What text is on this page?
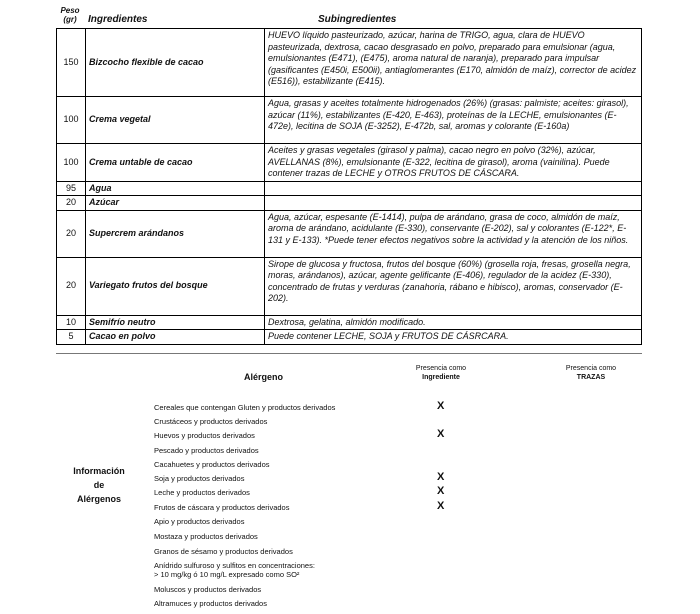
Peso
(gr)	Ingredientes	Subingredientes
150	Bizcocho flexible de cacao	HUEVO líquido pasteurizado, azúcar, harina de TRIGO, agua, clara de HUEVO pasteurizada, dextrosa, cacao desgrasado en polvo, preparado para emulsionar (agua, emulsionantes (E471), (E475), aroma natural de naranja), preparado para impulsar (gasificantes (E450i, E500ii), antiaglomerantes (E170, almidón de maíz), corrector de acidez (E516)), estabilizante (E415).
100	Crema vegetal	Agua, grasas y aceites totalmente hidrogenados (26%) (grasas: palmiste; aceites: girasol), azúcar (11%), estabilizantes (E-420, E-463), proteínas de la LECHE, emulsionantes (E-472e), lecitina de SOJA (E-3252), E-472b, sal, aromas y colorante (E-160a)
100	Crema untable de cacao	Aceites y grasas vegetales (girasol y palma), cacao negro en polvo (32%), azúcar, AVELLANAS (8%), emulsionante (E-322, lecitina de girasol), aroma (vainilina). Puede contener trazas de LECHE y OTROS FRUTOS DE CÁSCARA.
95	Agua	
20	Azúcar	
20	Supercrem arándanos	Agua, azúcar, espesante (E-1414), pulpa de arándano, grasa de coco, almidón de maíz, aroma de arándano, acidulante (E-330), conservante (E-202), sal y colorantes (E-122*, E-131 y E-133). *Puede tener efectos negativos sobre la actividad y la atención de los niños.
20	Variegato frutos del bosque	Sirope de glucosa y fructosa, frutos del bosque (60%) (grosella roja, fresas, grosella negra, moras, arándanos), azúcar, agente gelificante (E-406), regulador de la acidez (E-330), concentrado de frutas y verduras (zanahoria, rábano e hibisco), aromas, conservador (E-202).
10	Semifrío neutro	Dextrosa, gelatina, almidón modificado.
5	Cacao en polvo	Puede contener LECHE, SOJA y FRUTOS DE CÁSRCARA.
Alérgeno
Presencia como
Ingrediente
Presencia como
TRAZAS
Información
de
Alérgenos
Cereales que contengan Gluten y productos derivados	X
Crustáceos y productos derivados
Huevos y productos derivados	X
Pescado y productos derivados
Cacahuetes y productos derivados
Soja y productos derivados	X
Leche y productos derivados	X
Frutos de cáscara y productos derivados	X
Apio y productos derivados
Mostaza y productos derivados
Granos de sésamo y productos derivados
Anídrido sulfuroso y sulfitos en concentraciones:
> 10 mg/kg ó 10 mg/L expresado como SO²
Moluscos y productos derivados
Altramuces y productos derivados
